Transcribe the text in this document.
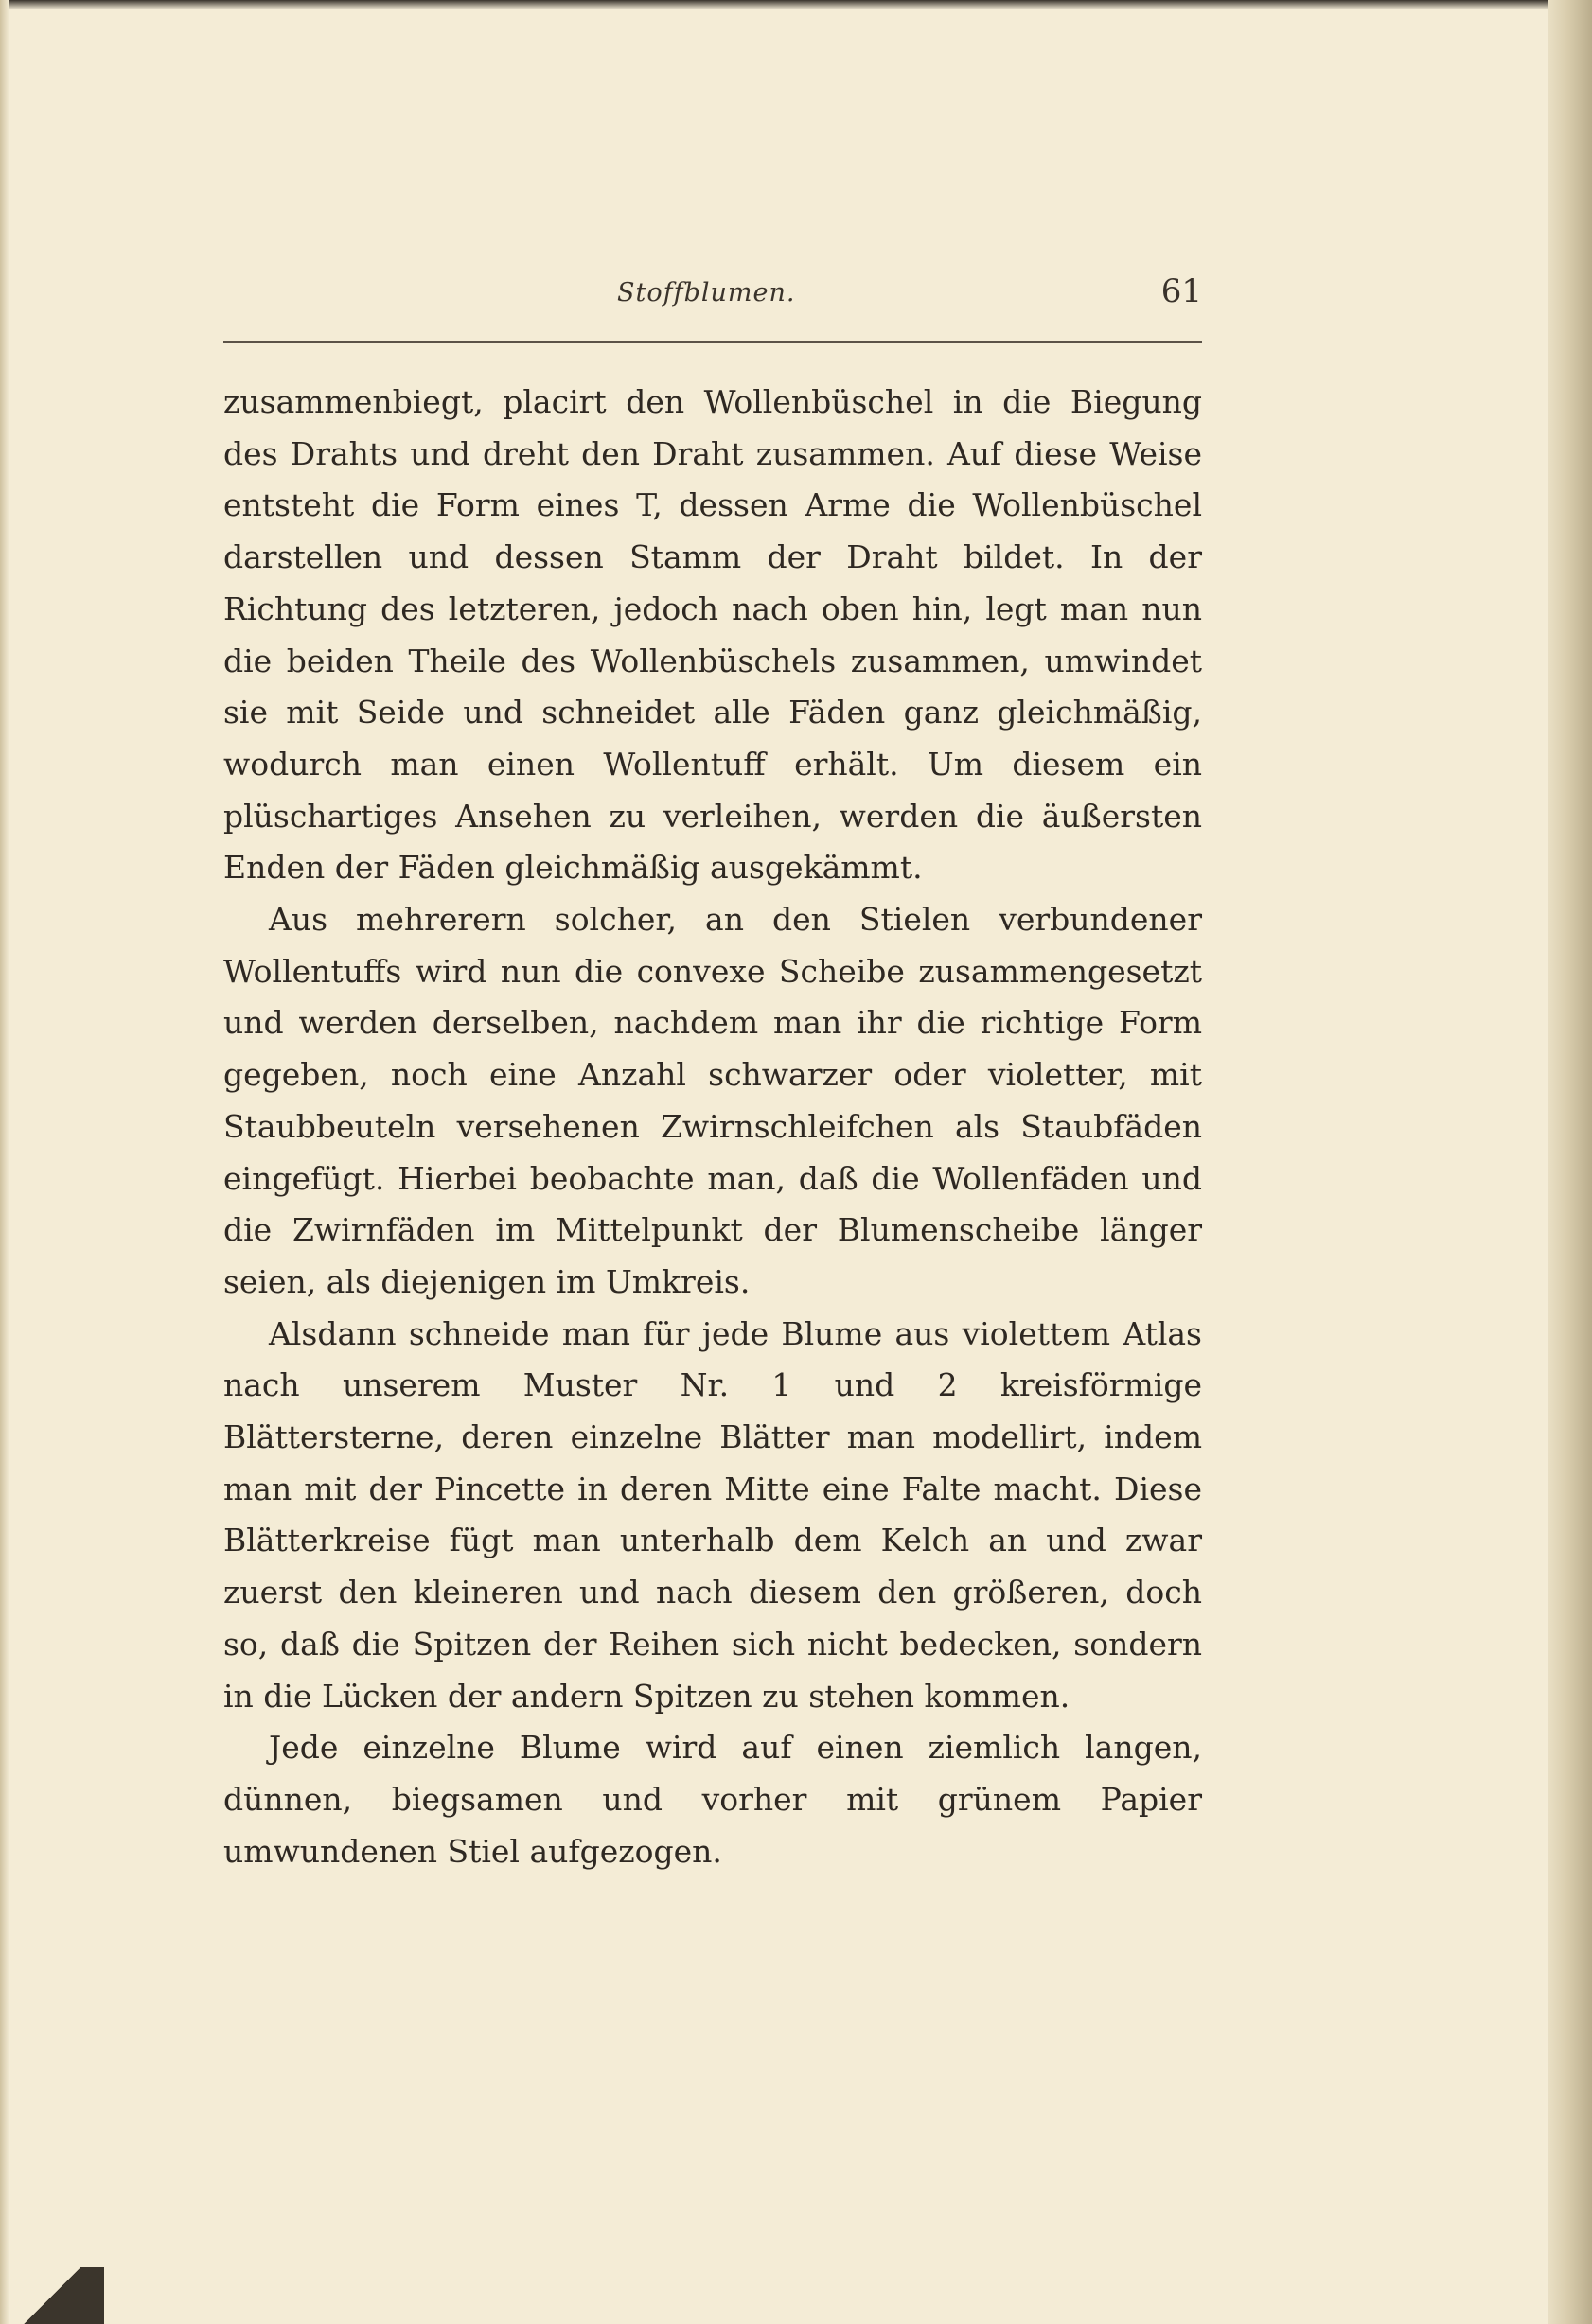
Stoffblumen.	61

zusammenbiegt, placirt den Wollenbüschel in die Biegung des Drahts und dreht den Draht zusammen. Auf diese Weise entsteht die Form eines T, dessen Arme die Wollenbüschel darstellen und dessen Stamm der Draht bildet. In der Richtung des letzteren, jedoch nach oben hin, legt man nun die beiden Theile des Wollenbüschels zusammen, umwindet sie mit Seide und schneidet alle Fäden ganz gleichmäßig, wodurch man einen Wollentuff erhält. Um diesem ein plüschartiges Ansehen zu verleihen, werden die äußersten Enden der Fäden gleichmäßig ausgekämmt.

Aus mehrerern solcher, an den Stielen verbundener Wollentuffs wird nun die convexe Scheibe zusammengesetzt und werden derselben, nachdem man ihr die richtige Form gegeben, noch eine Anzahl schwarzer oder violetter, mit Staubbeuteln versehenen Zwirnschleifchen als Staubfäden eingefügt. Hierbei beobachte man, daß die Wollenfäden und die Zwirnfäden im Mittelpunkt der Blumenscheibe länger seien, als diejenigen im Umkreis.

Alsdann schneide man für jede Blume aus violettem Atlas nach unserem Muster Nr. 1 und 2 kreisförmige Blättersterne, deren einzelne Blätter man modellirt, indem man mit der Pincette in deren Mitte eine Falte macht. Diese Blätterkreise fügt man unterhalb dem Kelch an und zwar zuerst den kleineren und nach diesem den größeren, doch so, daß die Spitzen der Reihen sich nicht bedecken, sondern in die Lücken der andern Spitzen zu stehen kommen.

Jede einzelne Blume wird auf einen ziemlich langen, dünnen, biegsamen und vorher mit grünem Papier umwundenen Stiel aufgezogen.
